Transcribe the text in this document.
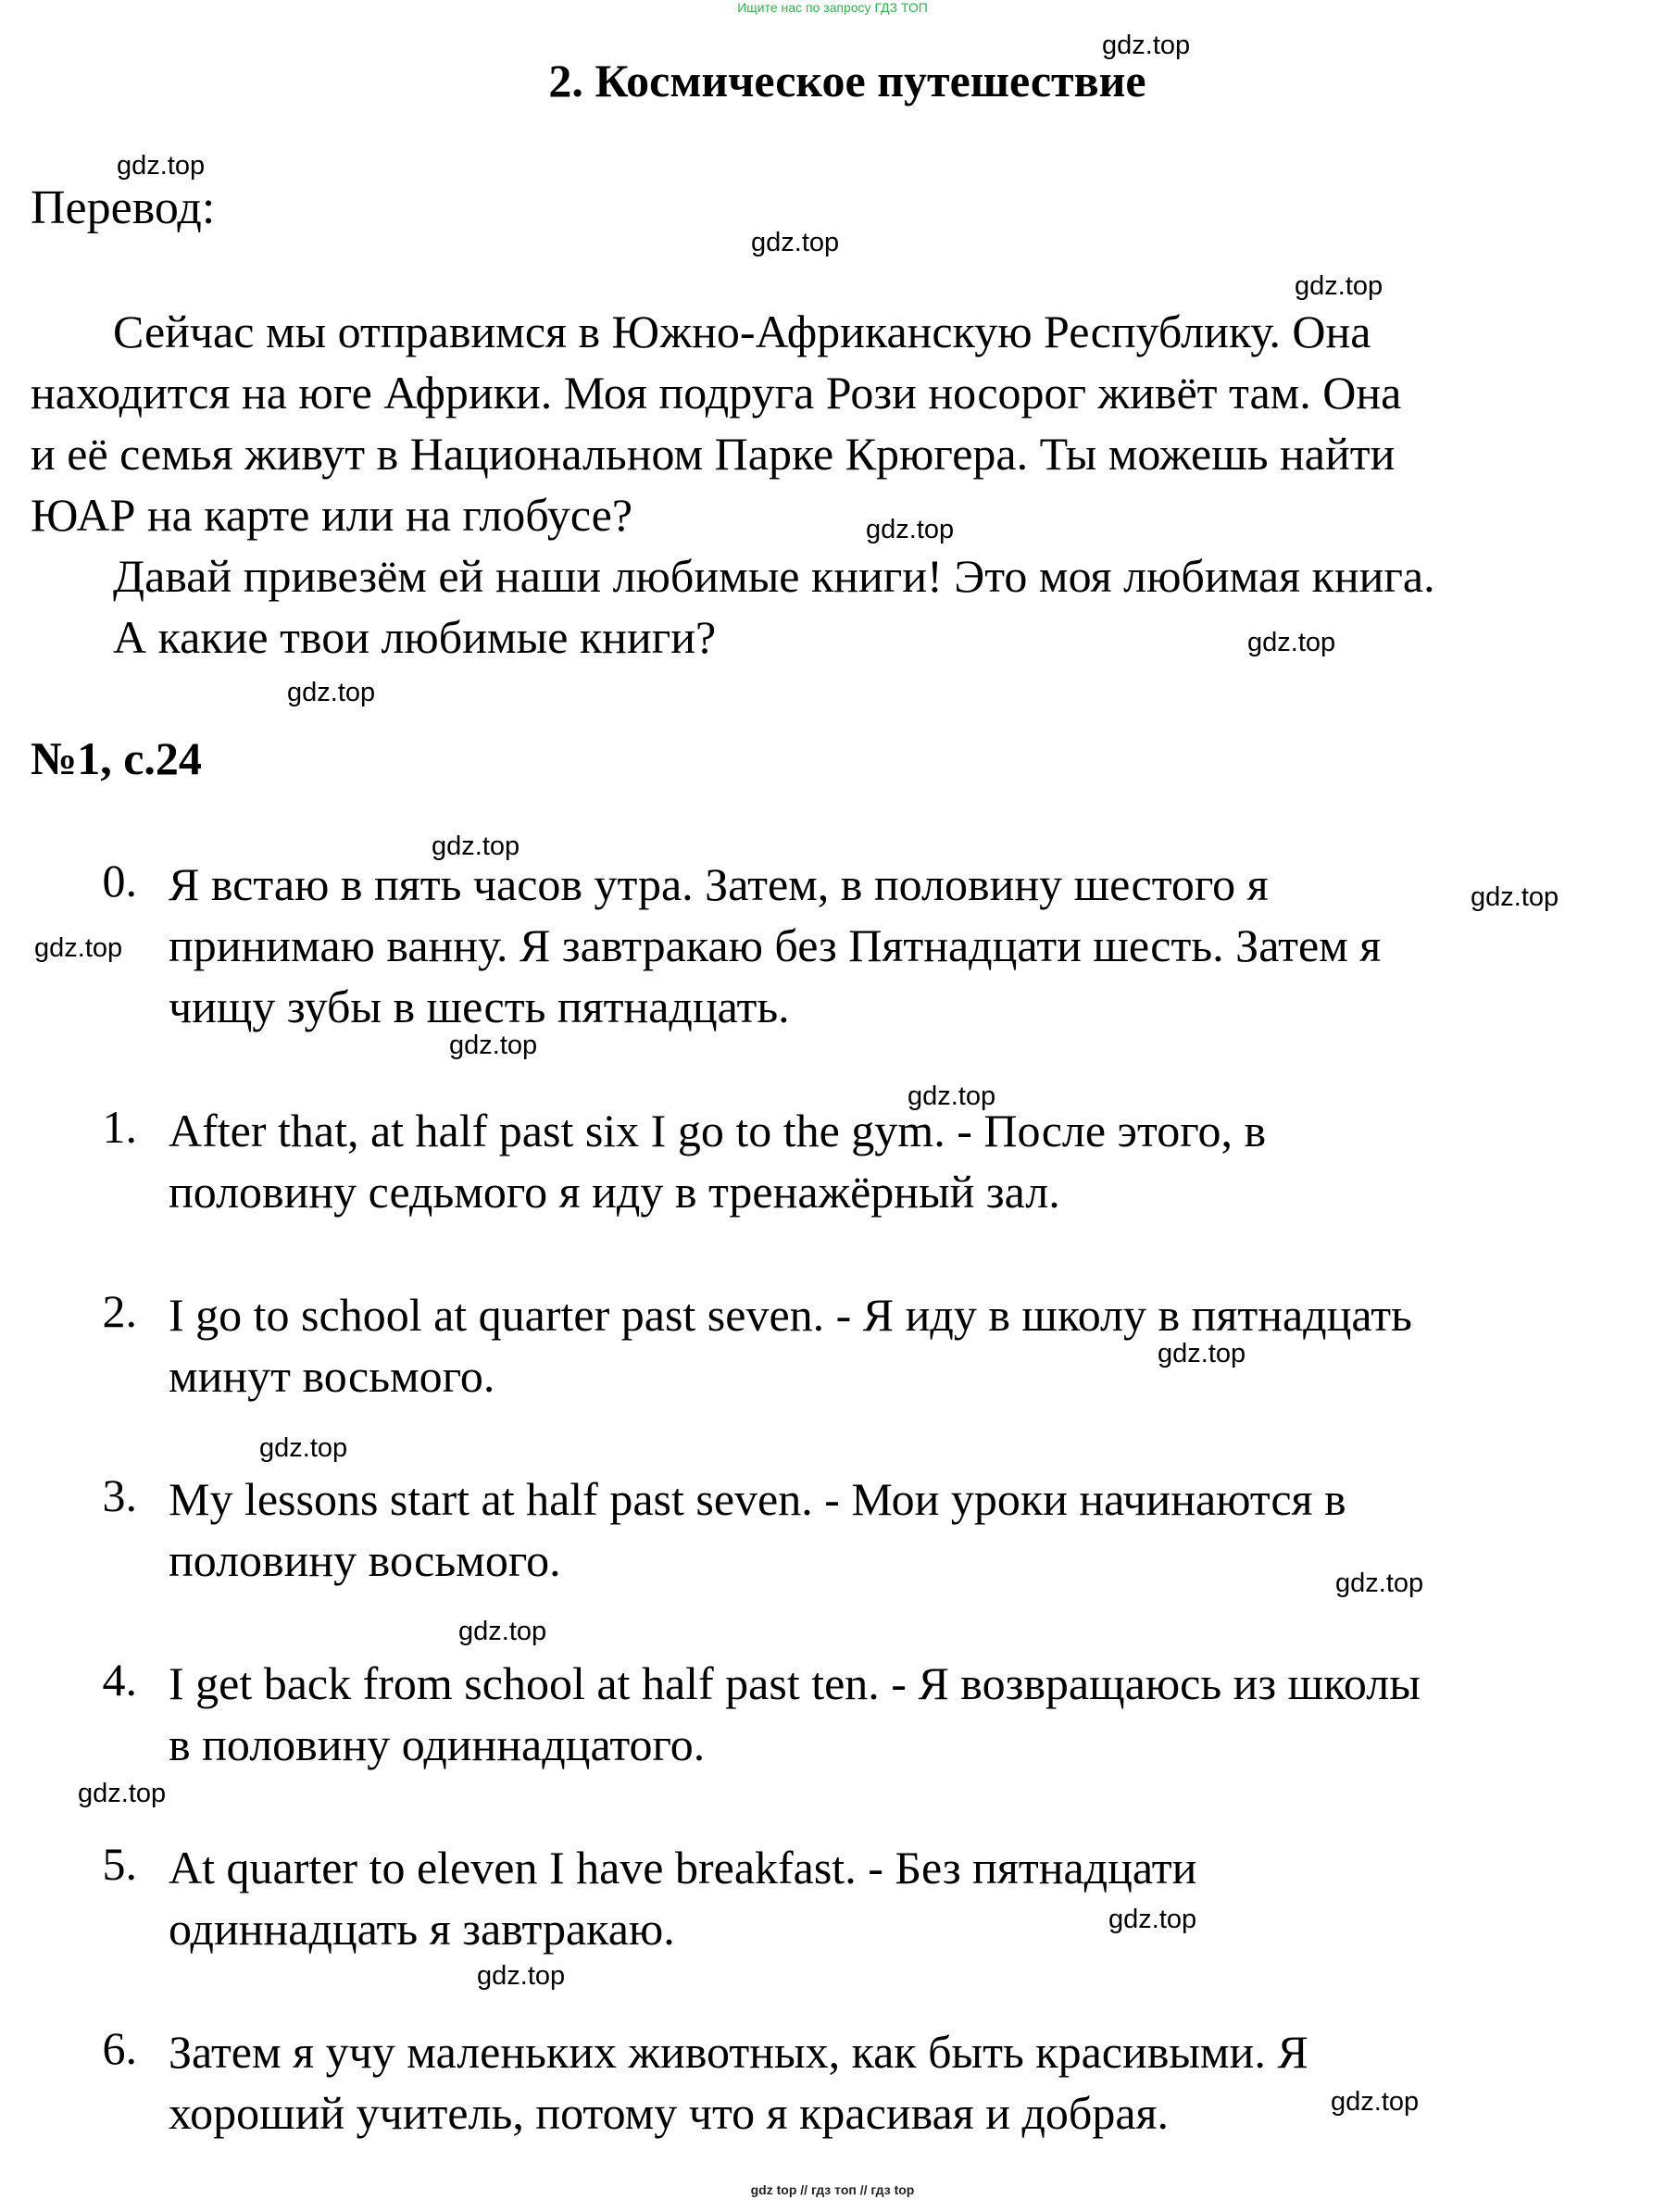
Ищите нас по запросу ГДЗ ТОП
2. Космическое путешествие
Перевод:
Сейчас мы отправимся в Южно-Африканскую Республику. Она
находится на юге Африки. Моя подруга Рози носорог живёт там. Она
и её семья живут в Национальном Парке Крюгера. Ты можешь найти
ЮАР на карте или на глобусе?
Давай привезём ей наши любимые книги! Это моя любимая книга.
А какие твои любимые книги?
№1, с.24
0. Я встаю в пять часов утра. Затем, в половину шестого я
принимаю ванну. Я завтракаю без Пятнадцати шесть. Затем я
чищу зубы в шесть пятнадцать.
1. After that, at half past six I go to the gym. - После этого, в
половину седьмого я иду в тренажёрный зал.
2. I go to school at quarter past seven. - Я иду в школу в пятнадцать
минут восьмого.
3. My lessons start at half past seven. - Мои уроки начинаются в
половину восьмого.
4. I get back from school at half past ten. - Я возвращаюсь из школы
в половину одиннадцатого.
5. At quarter to eleven I have breakfast. - Без пятнадцати
одиннадцать я завтракаю.
6. Затем я учу маленьких животных, как быть красивыми. Я
хороший учитель, потому что я красивая и добрая.
gdz.top
gdz.top
gdz.top
gdz.top
gdz.top
gdz.top
gdz.top
gdz.top
gdz.top
gdz.top
gdz.top
gdz.top
gdz.top
gdz.top
gdz.top
gdz.top
gdz.top
gdz.top
gdz.top
gdz.top
gdz top // гдз топ // гдз top
